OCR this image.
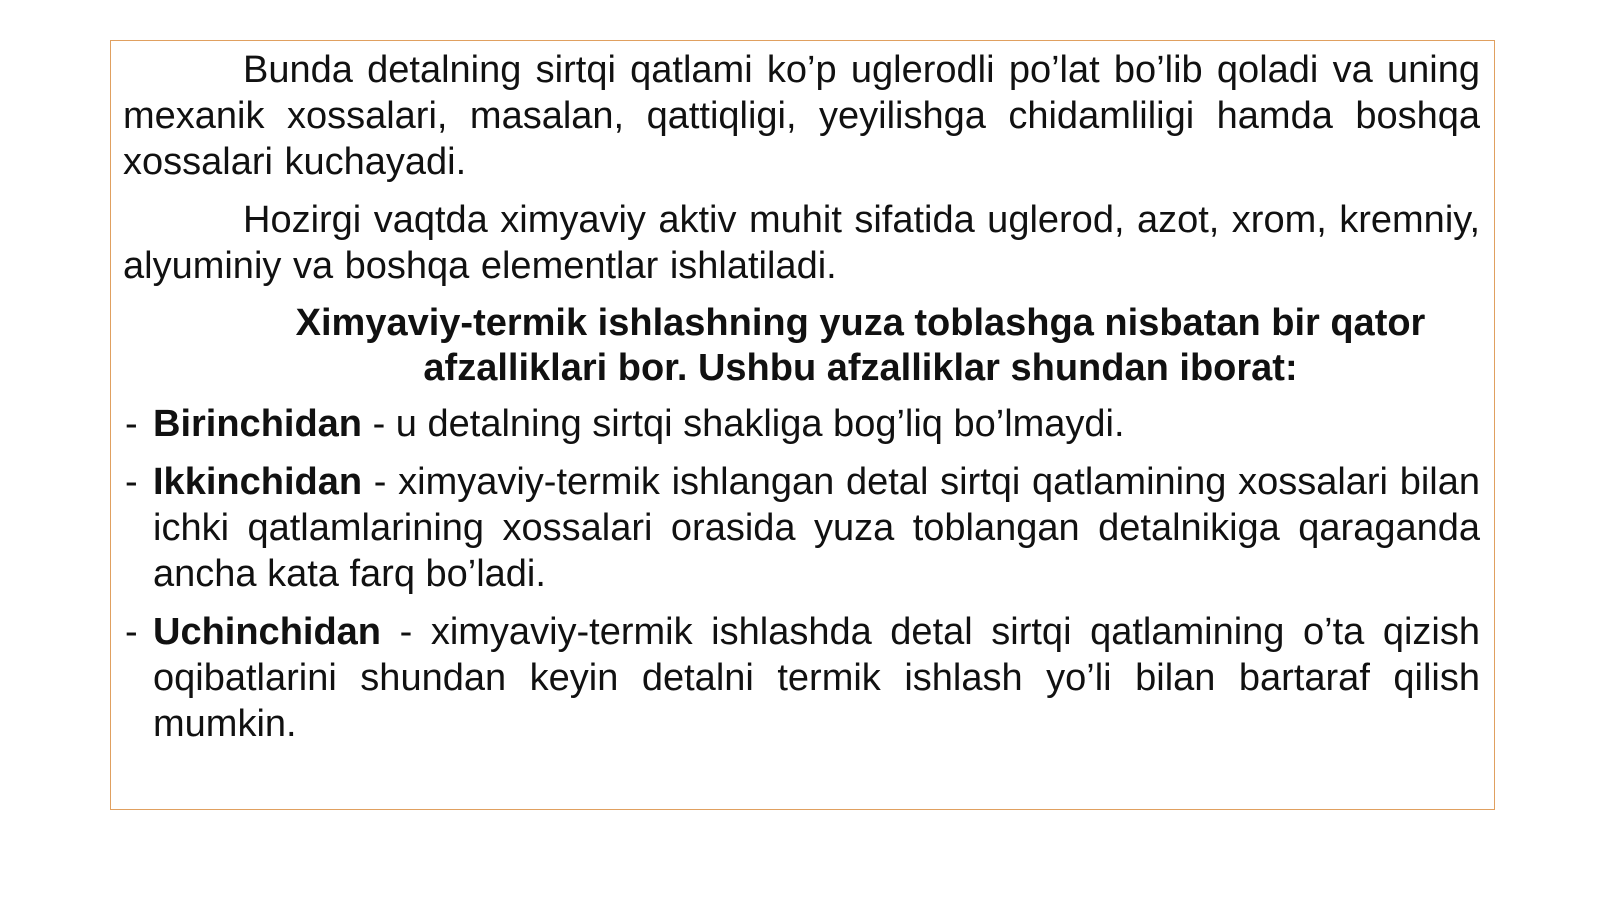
Bunda detalning sirtqi qatlami ko’p uglerodli po’lat bo’lib qoladi va uning mexanik xossalari, masalan, qattiqligi, yeyilishga chidamliligi hamda boshqa xossalari kuchayadi.

Hozirgi vaqtda ximyaviy aktiv muhit sifatida uglerod, azot, xrom, kremniy, alyuminiy va boshqa elementlar ishlatiladi.

Ximyaviy-termik ishlashning yuza toblashga nisbatan bir qator afzalliklari bor. Ushbu afzalliklar shundan iborat:

- Birinchidan - u detalning sirtqi shakliga bog’liq bo’lmaydi.
- Ikkinchidan - ximyaviy-termik ishlangan detal sirtqi qatlamining xossalari bilan ichki qatlamlarining xossalari orasida yuza toblangan detalnikiga qaraganda ancha kata farq bo’ladi.
- Uchinchidan - ximyaviy-termik ishlashda detal sirtqi qatlamining o’ta qizish oqibatlarini shundan keyin detalni termik ishlash yo’li bilan bartaraf qilish mumkin.
